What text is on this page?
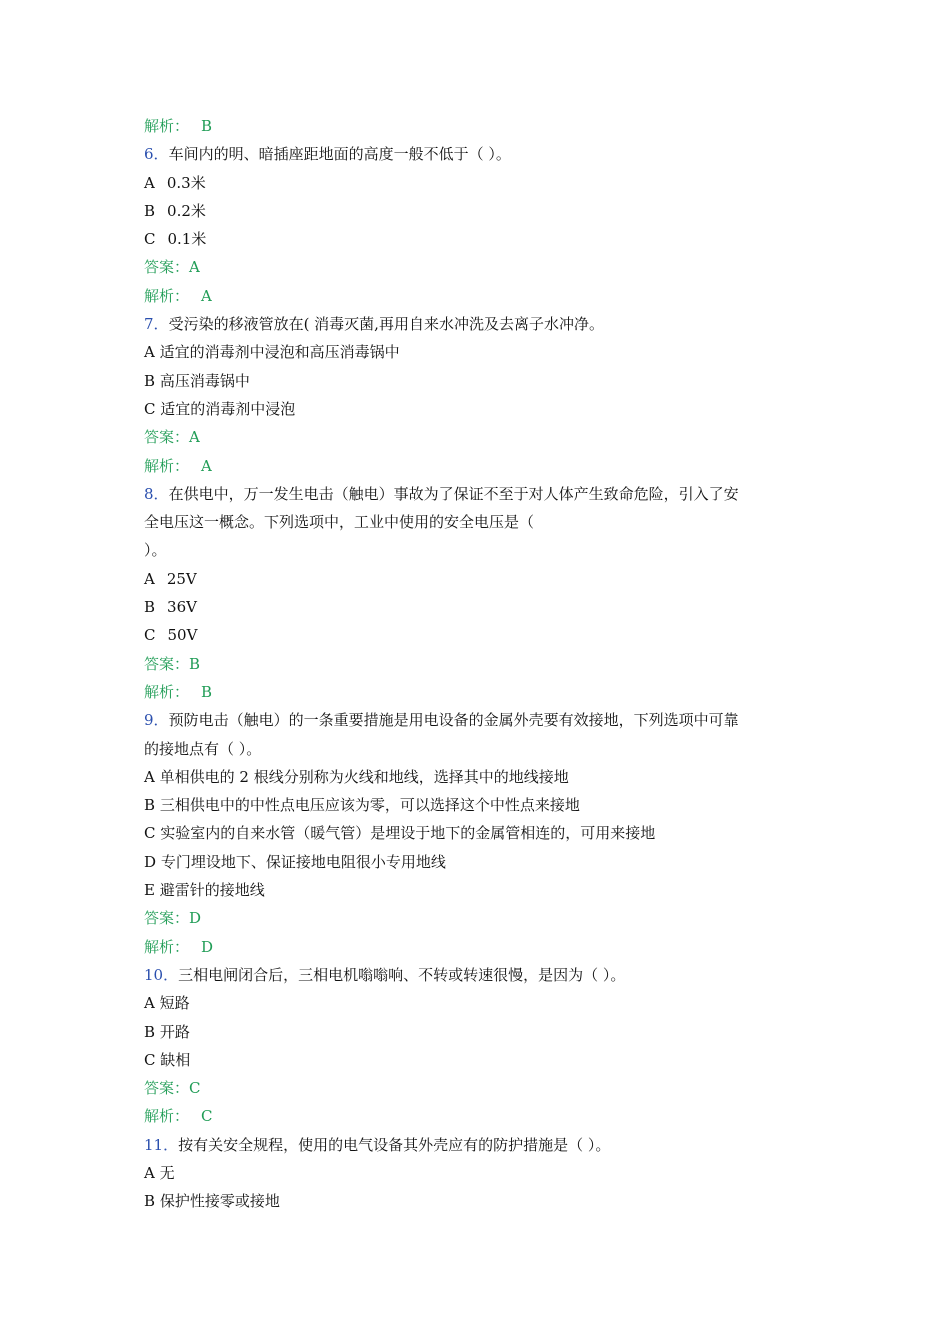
解析： B
6．车间内的明、暗插座距地面的高度一般不低于（ ）。
A 0.3米
B 0.2米
C 0.1米
答案：A
解析： A
7．受污染的移液管放在( 消毒灭菌,再用自来水冲洗及去离子水冲净。
A 适宜的消毒剂中浸泡和高压消毒锅中
B 高压消毒锅中
C 适宜的消毒剂中浸泡
答案：A
解析： A
8．在供电中，万一发生电击（触电）事故为了保证不至于对人体产生致命危险，引入了安
全电压这一概念。下列选项中，工业中使用的安全电压是（
）。
A 25V
B 36V
C 50V
答案：B
解析： B
9．预防电击（触电）的一条重要措施是用电设备的金属外壳要有效接地，下列选项中可靠
的接地点有（ ）。
A 单相供电的 2 根线分别称为火线和地线，选择其中的地线接地
B 三相供电中的中性点电压应该为零，可以选择这个中性点来接地
C 实验室内的自来水管（暖气管）是埋设于地下的金属管相连的，可用来接地
D 专门埋设地下、保证接地电阻很小专用地线
E 避雷针的接地线
答案：D
解析： D
10．三相电闸闭合后，三相电机嗡嗡响、不转或转速很慢，是因为（ ）。
A 短路
B 开路
C 缺相
答案：C
解析： C
11．按有关安全规程，使用的电气设备其外壳应有的防护措施是（ ）。
A 无
B 保护性接零或接地
